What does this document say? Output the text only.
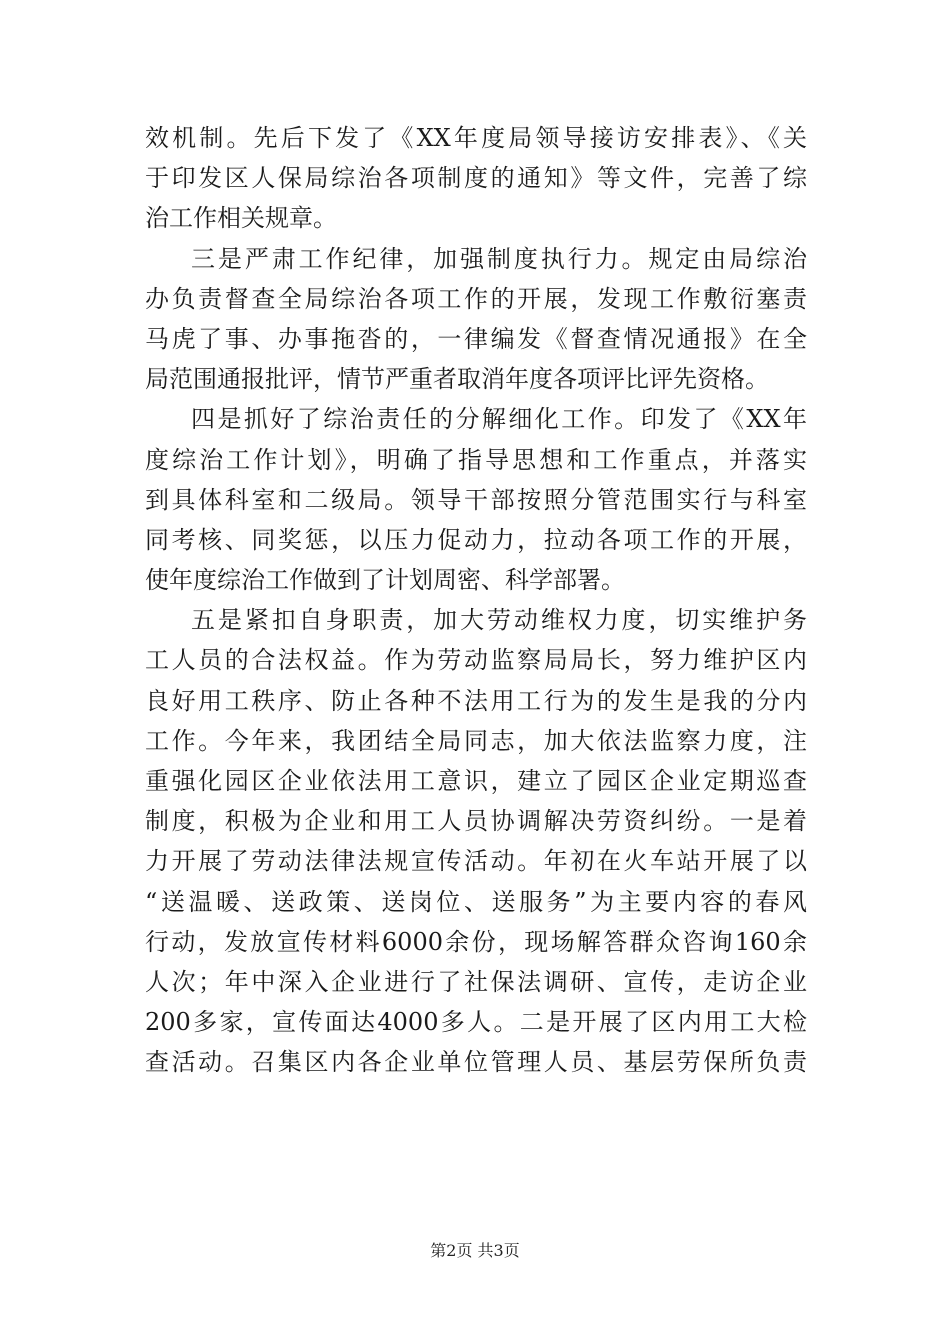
效机制。先后下发了《XX年度局领导接访安排表》、《关
于印发区人保局综治各项制度的通知》等文件，完善了综
治工作相关规章。
三是严肃工作纪律，加强制度执行力。规定由局综治
办负责督查全局综治各项工作的开展，发现工作敷衍塞责
马虎了事、办事拖沓的，一律编发《督查情况通报》在全
局范围通报批评，情节严重者取消年度各项评比评先资格。
四是抓好了综治责任的分解细化工作。印发了《XX年
度综治工作计划》，明确了指导思想和工作重点，并落实
到具体科室和二级局。领导干部按照分管范围实行与科室
同考核、同奖惩，以压力促动力，拉动各项工作的开展，
使年度综治工作做到了计划周密、科学部署。
五是紧扣自身职责，加大劳动维权力度，切实维护务
工人员的合法权益。作为劳动监察局局长，努力维护区内
良好用工秩序、防止各种不法用工行为的发生是我的分内
工作。今年来，我团结全局同志，加大依法监察力度，注
重强化园区企业依法用工意识，建立了园区企业定期巡查
制度，积极为企业和用工人员协调解决劳资纠纷。一是着
力开展了劳动法律法规宣传活动。年初在火车站开展了以
“送温暖、送政策、送岗位、送服务”为主要内容的春风
行动，发放宣传材料6000余份，现场解答群众咨询160余
人次；年中深入企业进行了社保法调研、宣传，走访企业
200多家，宣传面达4000多人。二是开展了区内用工大检
查活动。召集区内各企业单位管理人员、基层劳保所负责
第2页 共3页
